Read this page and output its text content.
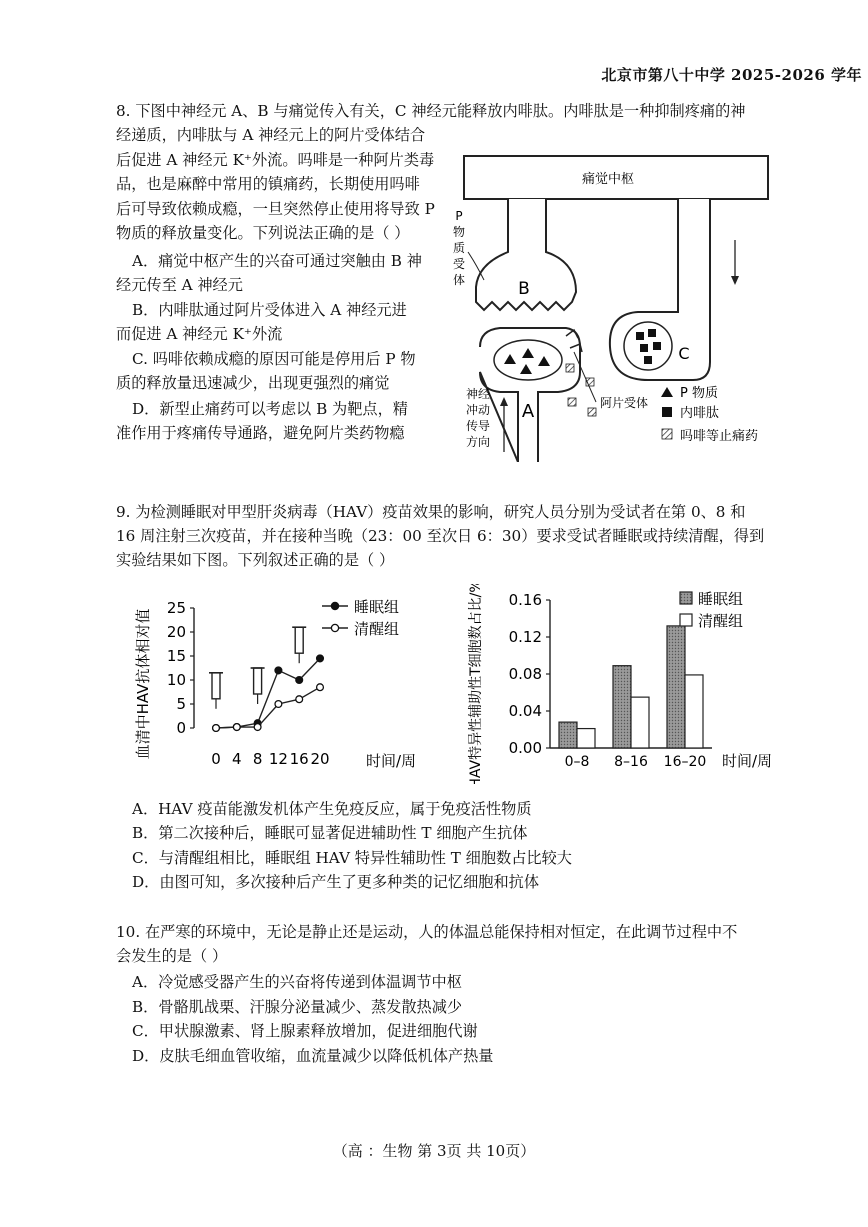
北京市第八十中学 2025-2026 学年
8. 下图中神经元 A、B 与痛觉传入有关，C 神经元能释放内啡肽。内啡肽是一种抑制疼痛的神
经递质，内啡肽与 A 神经元上的阿片受体结合
后促进 A 神经元 K⁺外流。吗啡是一种阿片类毒
品，也是麻醉中常用的镇痛药，长期使用吗啡
后可导致依赖成瘾，一旦突然停止使用将导致 P
物质的释放量变化。下列说法正确的是（ ）
A．痛觉中枢产生的兴奋可通过突触由 B 神
经元传至 A 神经元
B．内啡肽通过阿片受体进入 A 神经元进
而促进 A 神经元 K⁺外流
C. 吗啡依赖成瘾的原因可能是停用后 P 物
质的释放量迅速减少，出现更强烈的痛觉
D．新型止痛药可以考虑以 B 为靶点，精
准作用于疼痛传导通路，避免阿片类药物瘾
痛觉中枢
B
P
物
质
受
体
C
A	阿片受体
神经
冲动
传导
方向
P 物质
内啡肽
吗啡等止痛药
9. 为检测睡眠对甲型肝炎病毒（HAV）疫苗效果的影响，研究人员分别为受试者在第 0、8 和
16 周注射三次疫苗，并在接种当晚（23：00 至次日 6：30）要求受试者睡眠或持续清醒，得到
实验结果如下图。下列叙述正确的是（ ）
血清中HAV抗体相对值
时间/周
0
5
10
15
20
25
0 4 8 12 16 20
睡眠组
清醒组	HAV特异性辅助性T细胞数占比/%	时间/周
0.00
0.04
0.08
0.12
0.16
0–8 8–16 16–20
睡眠组
清醒组
A．HAV 疫苗能激发机体产生免疫反应，属于免疫活性物质
B．第二次接种后，睡眠可显著促进辅助性 T 细胞产生抗体
C．与清醒组相比，睡眠组 HAV 特异性辅助性 T 细胞数占比较大
D．由图可知，多次接种后产生了更多种类的记忆细胞和抗体
10. 在严寒的环境中，无论是静止还是运动，人的体温总能保持相对恒定，在此调节过程中不
会发生的是（ ）
A．冷觉感受器产生的兴奋将传递到体温调节中枢
B．骨骼肌战栗、汗腺分泌量减少、蒸发散热减少
C．甲状腺激素、肾上腺素释放增加，促进细胞代谢
D．皮肤毛细血管收缩，血流量减少以降低机体产热量
（高 ：生物 第 3页 共 10页）
